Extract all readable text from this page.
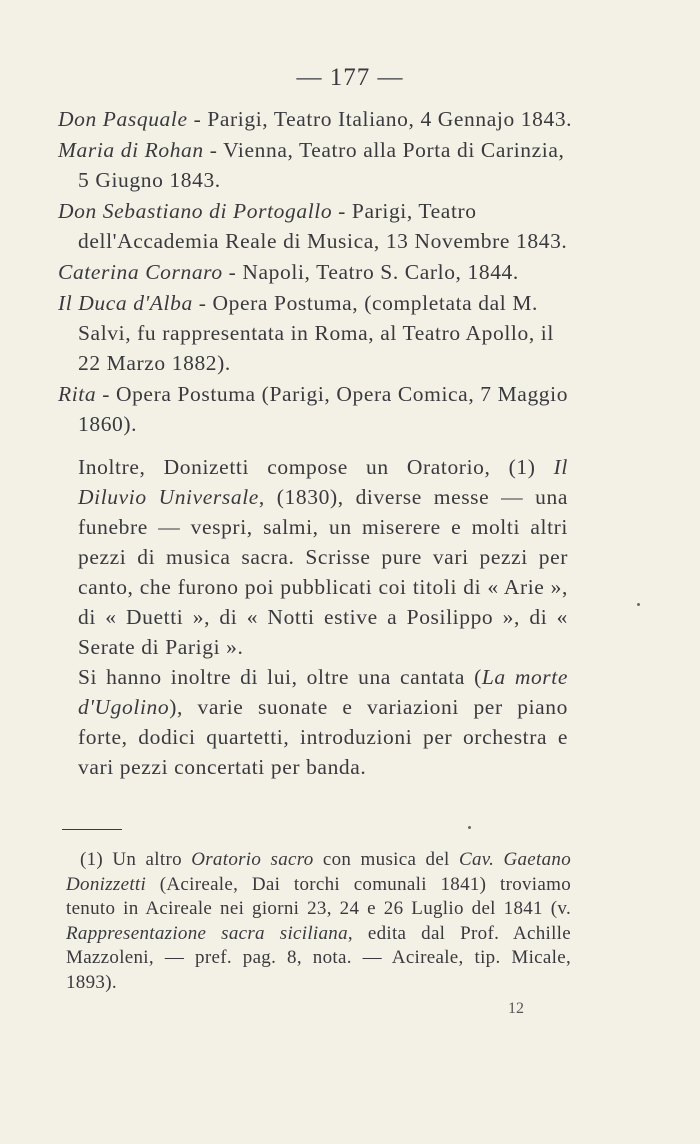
— 177 —

Don Pasquale - Parigi, Teatro Italiano, 4 Gennajo 1843.

Maria di Rohan - Vienna, Teatro alla Porta di Carinzia, 5 Giugno 1843.

Don Sebastiano di Portogallo - Parigi, Teatro dell'Accademia Reale di Musica, 13 Novembre 1843.

Caterina Cornaro - Napoli, Teatro S. Carlo, 1844.

Il Duca d'Alba - Opera Postuma, (completata dal M. Salvi, fu rappresentata in Roma, al Teatro Apollo, il 22 Marzo 1882).

Rita - Opera Postuma (Parigi, Opera Comica, 7 Maggio 1860).

Inoltre, Donizetti compose un Oratorio, (1) Il Diluvio Universale, (1830), diverse messe — una funebre — vespri, salmi, un miserere e molti altri pezzi di musica sacra. Scrisse pure vari pezzi per canto, che furono poi pubblicati coi titoli di « Arie », di « Duetti », di « Notti estive a Posilippo », di « Serate di Parigi ».

Si hanno inoltre di lui, oltre una cantata (La morte d'Ugolino), varie suonate e variazioni per piano forte, dodici quartetti, introduzioni per orchestra e vari pezzi concertati per banda.

(1) Un altro Oratorio sacro con musica del Cav. Gaetano Donizzetti (Acireale, Dai torchi comunali 1841) troviamo tenuto in Acireale nei giorni 23, 24 e 26 Luglio del 1841 (v. Rappresentazione sacra siciliana, edita dal Prof. Achille Mazzoleni, — pref. pag. 8, nota. — Acireale, tip. Micale, 1893).

12
